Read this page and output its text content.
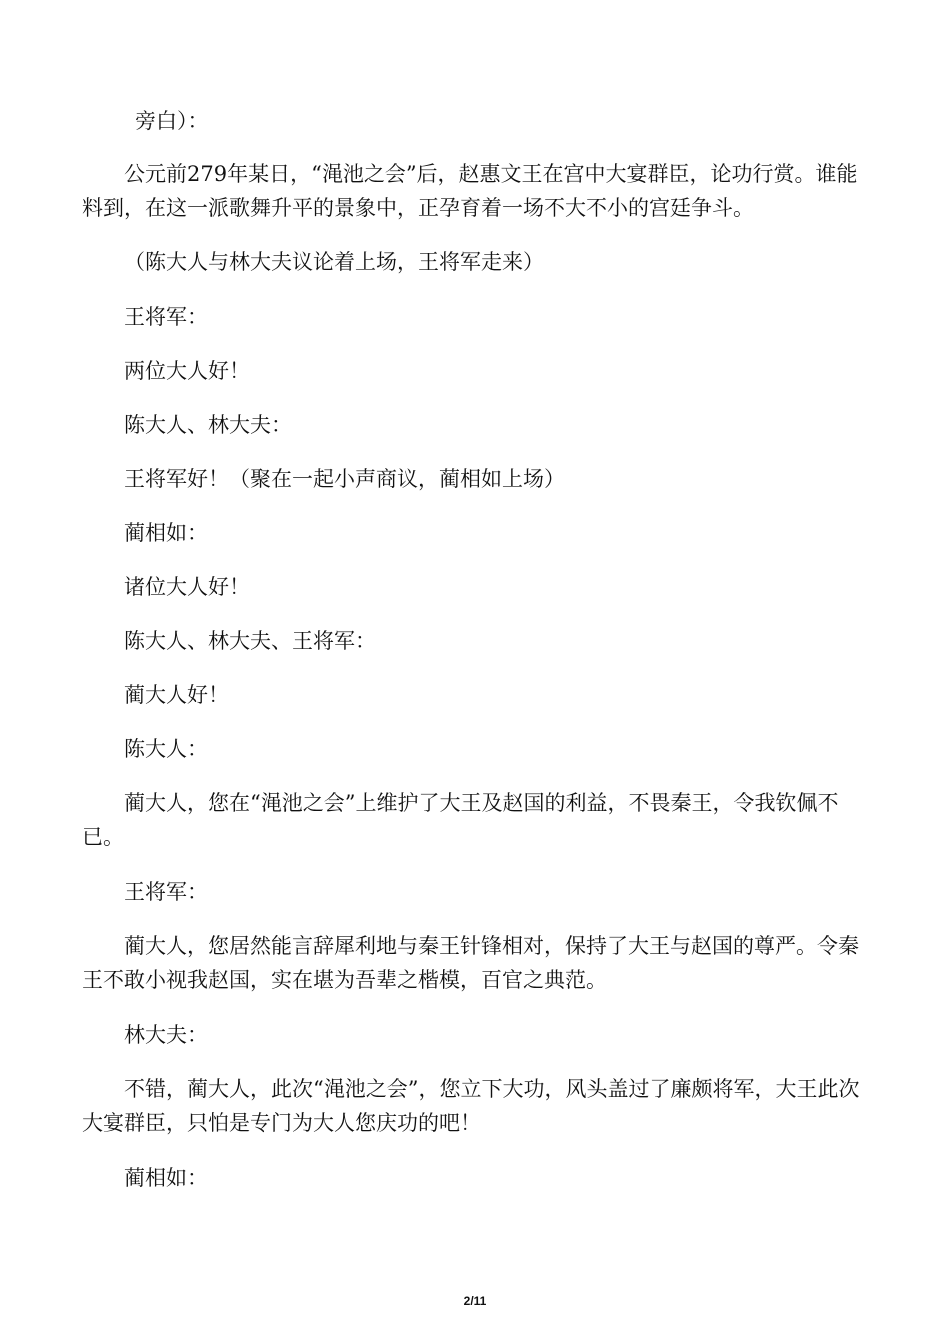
旁白）：

公元前279年某日，“渑池之会”后，赵惠文王在宫中大宴群臣，论功行赏。谁能料到，在这一派歌舞升平的景象中，正孕育着一场不大不小的宫廷争斗。

（陈大人与林大夫议论着上场，王将军走来）

王将军：

两位大人好！

陈大人、林大夫：

王将军好！（聚在一起小声商议，蔺相如上场）

蔺相如：

诸位大人好！

陈大人、林大夫、王将军：

蔺大人好！

陈大人：

蔺大人，您在“渑池之会”上维护了大王及赵国的利益，不畏秦王，令我钦佩不已。

王将军：

蔺大人，您居然能言辞犀利地与秦王针锋相对，保持了大王与赵国的尊严。令秦王不敢小视我赵国，实在堪为吾辈之楷模，百官之典范。

林大夫：

不错，蔺大人，此次“渑池之会”，您立下大功，风头盖过了廉颇将军，大王此次大宴群臣，只怕是专门为大人您庆功的吧！

蔺相如：

2/11
